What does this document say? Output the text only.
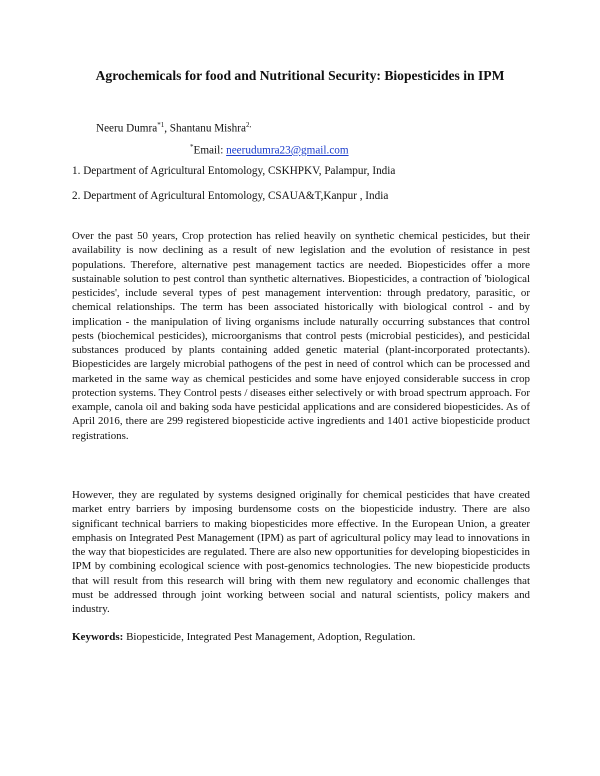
Agrochemicals for food and Nutritional Security: Biopesticides in IPM
Neeru Dumra$^{*1}$, Shantanu Mishra$^{2,}$
*Email: neerudumra23@gmail.com
1. Department of Agricultural Entomology, CSKHPKV, Palampur, India
2. Department of Agricultural Entomology, CSAUA&T,Kanpur , India
Over the past 50 years, Crop protection has relied heavily on synthetic chemical pesticides, but their availability is now declining as a result of new legislation and the evolution of resistance in pest populations. Therefore, alternative pest management tactics are needed. Biopesticides offer a more sustainable solution to pest control than synthetic alternatives. Biopesticides, a contraction of 'biological pesticides', include several types of pest management intervention: through predatory, parasitic, or chemical relationships. The term has been associated historically with biological control - and by implication - the manipulation of living organisms include naturally occurring substances that control pests (biochemical pesticides), microorganisms that control pests (microbial pesticides), and pesticidal substances produced by plants containing added genetic material (plant-incorporated protectants). Biopesticides are largely microbial pathogens of the pest in need of control which can be processed and marketed in the same way as chemical pesticides and some have enjoyed considerable success in crop protection systems. They Control pests / diseases either selectively or with broad spectrum approach. For example, canola oil and baking soda have pesticidal applications and are considered biopesticides. As of April 2016, there are 299 registered biopesticide active ingredients and 1401 active biopesticide product registrations.
However, they are regulated by systems designed originally for chemical pesticides that have created market entry barriers by imposing burdensome costs on the biopesticide industry. There are also significant technical barriers to making biopesticides more effective. In the European Union, a greater emphasis on Integrated Pest Management (IPM) as part of agricultural policy may lead to innovations in the way that biopesticides are regulated. There are also new opportunities for developing biopesticides in IPM by combining ecological science with post-genomics technologies. The new biopesticide products that will result from this research will bring with them new regulatory and economic challenges that must be addressed through joint working between social and natural scientists, policy makers and industry.
Keywords: Biopesticide, Integrated Pest Management, Adoption, Regulation.
